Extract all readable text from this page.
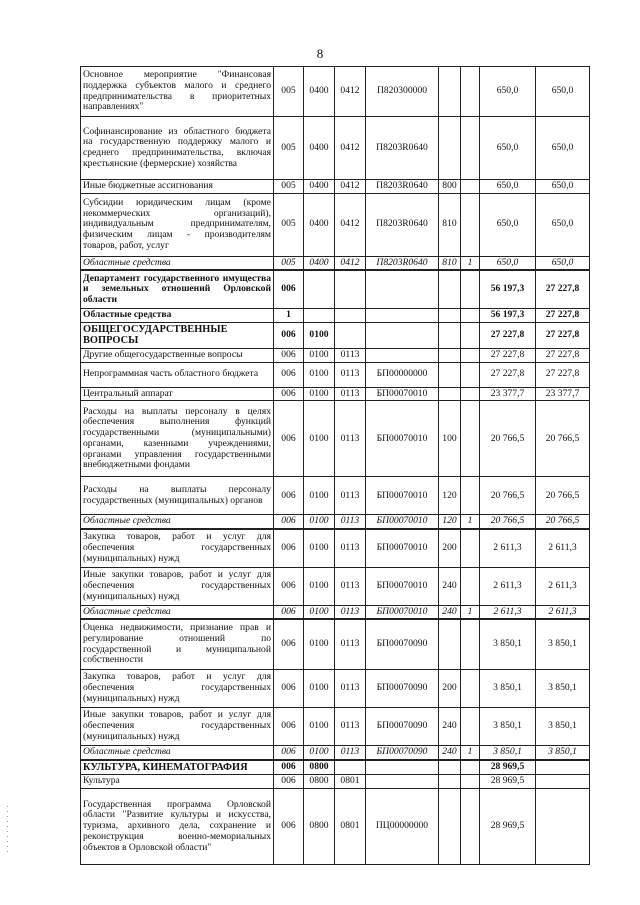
8
Основное мероприятие "Финансовая поддержка субъектов малого и среднего предпринимательства в приоритетных направлениях"	005	0400	0412	П820300000			650,0	650,0
Софинансирование из областного бюджета на государственную поддержку малого и среднего предпринимательства, включая крестьянские (фермерские) хозяйства	005	0400	0412	П8203R0640			650,0	650,0
Иные бюджетные ассигнования	005	0400	0412	П8203R0640	800		650,0	650,0
Субсидии юридическим лицам (кроме некоммерческих организаций), индивидуальным предпринимателям, физическим лицам - производителям товаров, работ, услуг	005	0400	0412	П8203R0640	810		650,0	650,0
Областные средства	005	0400	0412	П8203R0640	810	1	650,0	650,0
Департамент государственного имущества и земельных отношений Орловской области	006						56 197,3	27 227,8
Областные средства	1						56 197,3	27 227,8
ОБЩЕГОСУДАРСТВЕННЫЕ ВОПРОСЫ	006	0100					27 227,8	27 227,8
Другие общегосударственные вопросы	006	0100	0113				27 227,8	27 227,8
Непрограммная часть областного бюджета	006	0100	0113	БП00000000			27 227,8	27 227,8
Центральный аппарат	006	0100	0113	БП00070010			23 377,7	23 377,7
Расходы на выплаты персоналу в целях обеспечения выполнения функций государственными (муниципальными) органами, казенными учреждениями, органами управления государственными внебюджетными фондами	006	0100	0113	БП00070010	100		20 766,5	20 766,5
Расходы на выплаты персоналу государственных (муниципальных) органов	006	0100	0113	БП00070010	120		20 766,5	20 766,5
Областные средства	006	0100	0113	БП00070010	120	1	20 766,5	20 766,5
Закупка товаров, работ и услуг для обеспечения государственных (муниципальных) нужд	006	0100	0113	БП00070010	200		2 611,3	2 611,3
Иные закупки товаров, работ и услуг для обеспечения государственных (муниципальных) нужд	006	0100	0113	БП00070010	240		2 611,3	2 611,3
Областные средства	006	0100	0113	БП00070010	240	1	2 611,3	2 611,3
Оценка недвижимости, признание прав и регулирование отношений по государственной и муниципальной собственности	006	0100	0113	БП00070090			3 850,1	3 850,1
Закупка товаров, работ и услуг для обеспечения государственных (муниципальных) нужд	006	0100	0113	БП00070090	200		3 850,1	3 850,1
Иные закупки товаров, работ и услуг для обеспечения государственных (муниципальных) нужд	006	0100	0113	БП00070090	240		3 850,1	3 850,1
Областные средства	006	0100	0113	БП00070090	240	1	3 850,1	3 850,1
КУЛЬТУРА, КИНЕМАТОГРАФИЯ	006	0800					28 969,5	
Культура	006	0800	0801				28 969,5	
Государственная программа Орловской области "Развитие культуры и искусства, туризма, архивного дела, сохранение и реконструкция военно-мемориальных объектов в Орловской области"	006	0800	0801	ПЦ00000000			28 969,5	
